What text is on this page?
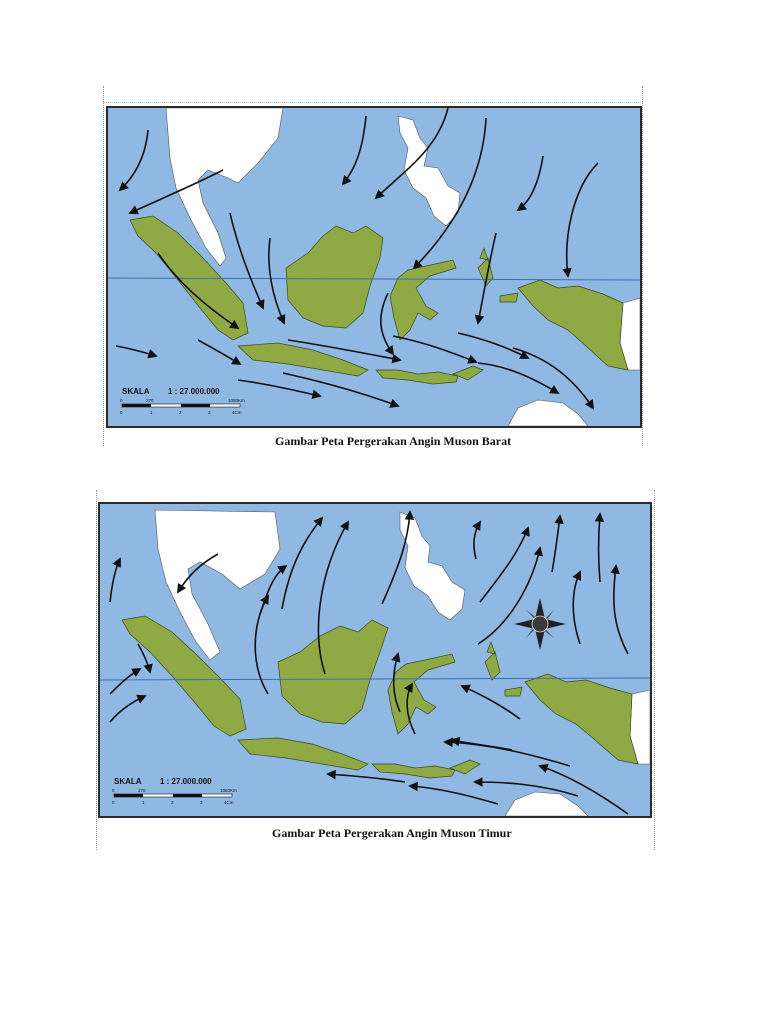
SKALA 1 : 27.000.000
0	270	1080Km
0	1	2	3	4Cm
Gambar Peta Pergerakan Angin Muson Barat
SKALA 1 : 27.000.000
0	270	1080Km
0	1	2	3	4Cm
Gambar Peta Pergerakan Angin Muson Timur
